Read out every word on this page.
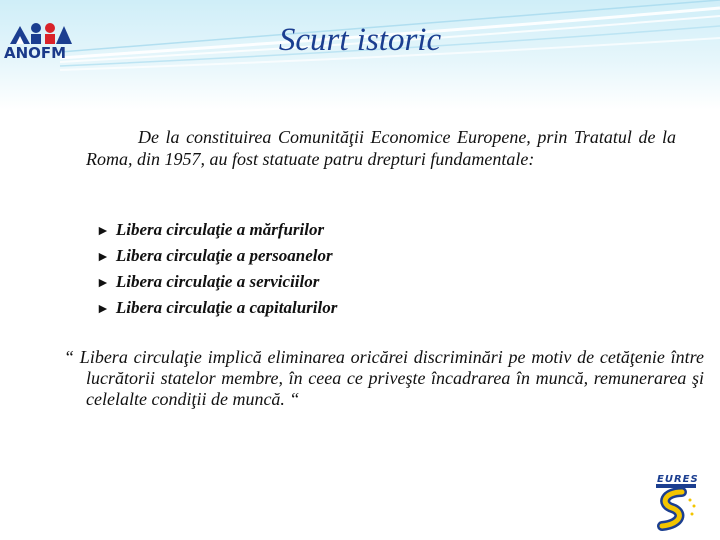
ANOFM	Scurt istoric

De la constituirea Comunităţii Economice Europene, prin Tratatul de la Roma, din 1957, au fost statuate patru drepturi fundamentale:

► Libera circulaţie a mărfurilor
► Libera circulaţie a persoanelor
► Libera circulaţie a serviciilor
► Libera circulaţie a capitalurilor

“ Libera circulaţie implică eliminarea oricărei discriminări pe motiv de cetăţenie între lucrătorii statelor membre, în ceea ce priveşte încadrarea în muncă, remunerarea şi celelalte condiţii de muncă. “

EURES
